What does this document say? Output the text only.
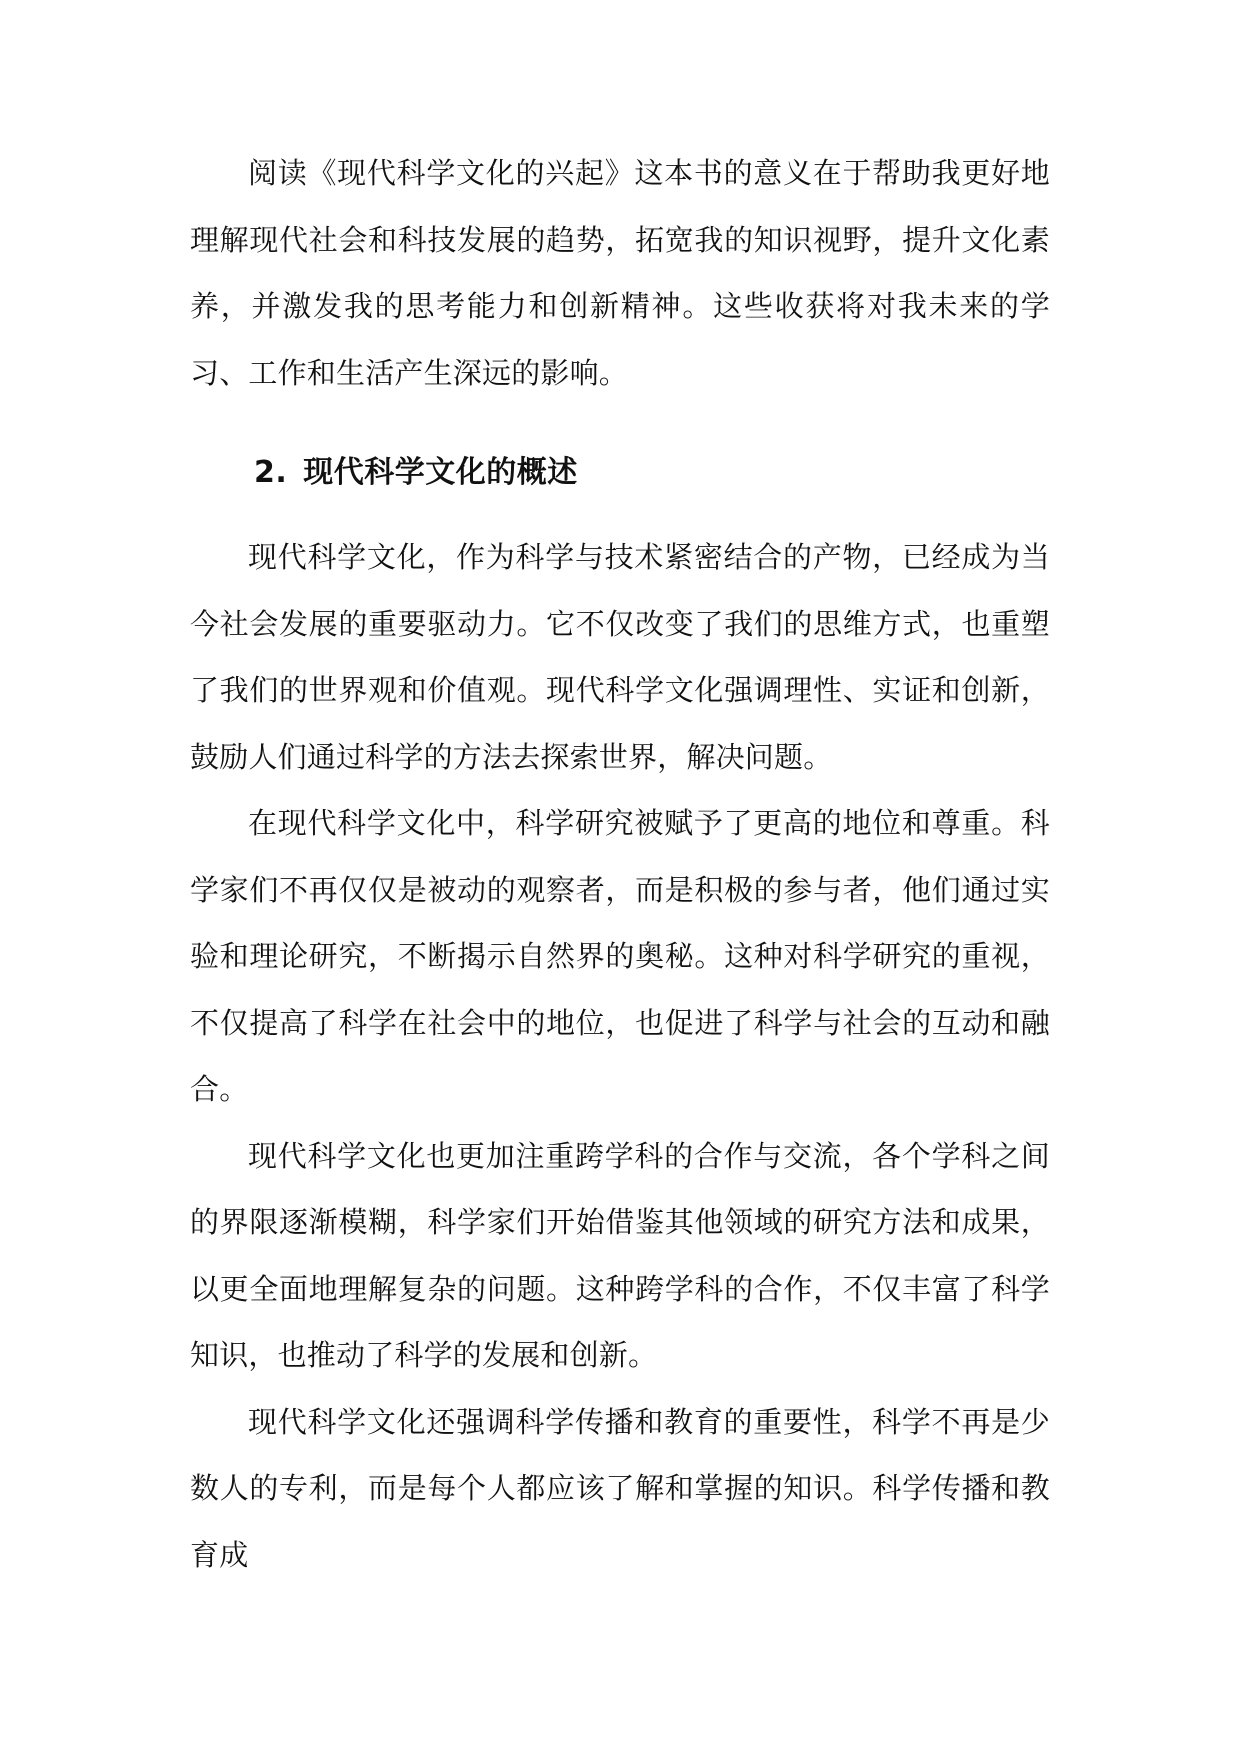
阅读《现代科学文化的兴起》这本书的意义在于帮助我更好地理解现代社会和科技发展的趋势，拓宽我的知识视野，提升文化素养，并激发我的思考能力和创新精神。这些收获将对我未来的学习、工作和生活产生深远的影响。

2. 现代科学文化的概述

现代科学文化，作为科学与技术紧密结合的产物，已经成为当今社会发展的重要驱动力。它不仅改变了我们的思维方式，也重塑了我们的世界观和价值观。现代科学文化强调理性、实证和创新，鼓励人们通过科学的方法去探索世界，解决问题。

在现代科学文化中，科学研究被赋予了更高的地位和尊重。科学家们不再仅仅是被动的观察者，而是积极的参与者，他们通过实验和理论研究，不断揭示自然界的奥秘。这种对科学研究的重视，不仅提高了科学在社会中的地位，也促进了科学与社会的互动和融合。

现代科学文化也更加注重跨学科的合作与交流，各个学科之间的界限逐渐模糊，科学家们开始借鉴其他领域的研究方法和成果，以更全面地理解复杂的问题。这种跨学科的合作，不仅丰富了科学知识，也推动了科学的发展和创新。

现代科学文化还强调科学传播和教育的重要性，科学不再是少数人的专利，而是每个人都应该了解和掌握的知识。科学传播和教育成
